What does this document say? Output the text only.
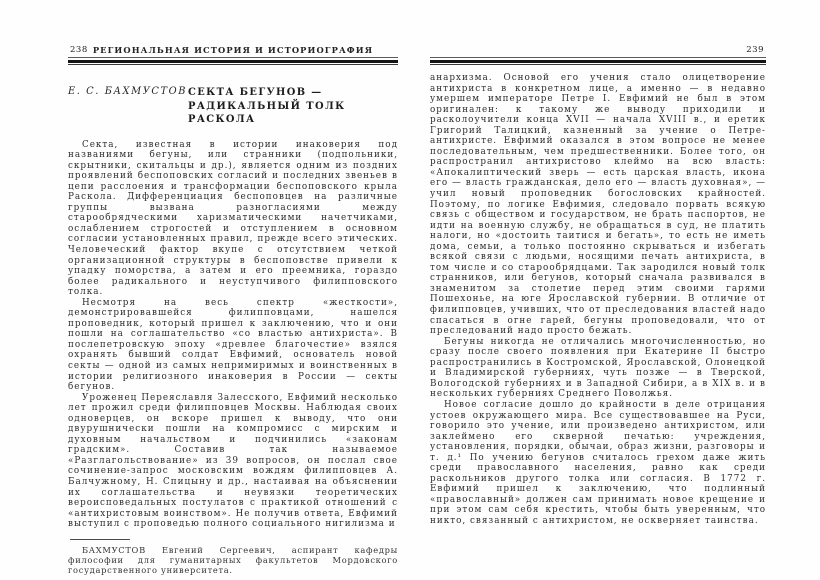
238 РЕГИОНАЛЬНАЯ ИСТОРИЯ И ИСТОРИОГРАФИЯ
Е. С. БАХМУСТОВ СЕКТА БЕГУНОВ —
РАДИКАЛЬНЫЙ ТОЛК РАСКОЛА

Секта, известная в истории инаковерия под названиями бегуны, или странники (подпольники, скрытники, скитальцы и др.), является одним из поздних проявлений беспоповских согласий и последних звеньев в цепи расслоения и трансформации беспоповского крыла Раскола. Дифференциация беспоповцев на различные группы вызвана разногласиями между старообрядческими харизматическими начетчиками, ослаблением строгостей и отступлением в основном согласии установленных правил, прежде всего этических. Человеческий фактор вкупе с отсутствием четкой организационной структуры в беспоповстве привели к упадку поморства, а затем и его преемника, гораздо более радикального и неуступчивого филипповского толка.

Несмотря на весь спектр «жесткости», демонстрировавшейся филипповцами, нашелся проповедник, который пришел к заключению, что и они пошли на соглашательство «со властью антихриста». В послепетровскую эпоху «древлее благочестие» взялся охранять бывший солдат Евфимий, основатель новой секты — одной из самых непримиримых и воинственных в истории религиозного инаковерия в России — секты бегунов.

Уроженец Переяславля Залесского, Евфимий несколько лет прожил среди филипповцев Москвы. Наблюдая своих одноверцев, он вскоре пришел к выводу, что они двурушнически пошли на компромисс с мирским и духовным начальством и подчинились «законам градским». Составив так называемое «Разглагольствование» из 39 вопросов, он послал свое сочинение-запрос московским вождям филипповцев А. Балчужному, Н. Спицыну и др., настаивая на объяснении их соглашательства и неувязки теоретических вероисповедальных постулатов с практикой отношений с «антихристовым воинством». Не получив ответа, Евфимий выступил с проповедью полного социального нигилизма и

БАХМУСТОВ Евгений Сергеевич, аспирант кафедры философии для гуманитарных факультетов Мордовского государственного университета.

239

анархизма. Основой его учения стало олицетворение антихриста в конкретном лице, а именно — в недавно умершем императоре Петре I. Евфимий не был в этом оригинален: к такому же выводу приходили и расколоучители конца XVII — начала XVIII в., и еретик Григорий Талицкий, казненный за учение о Петре-антихристе. Евфимий оказался в этом вопросе не менее последовательным, чем предшественники. Более того, он распространил антихристово клеймо на всю власть: «Апокалиптический зверь — есть царская власть, икона его — власть гражданская, дело его — власть духовная», — учил новый проповедник богословских крайностей. Поэтому, по логике Евфимия, следовало порвать всякую связь с обществом и государством, не брать паспортов, не идти на военную службу, не обращаться в суд, не платить налоги, но «достоить таитися и бегать», то есть не иметь дома, семьи, а только постоянно скрываться и избегать всякой связи с людьми, носящими печать антихриста, в том числе и со старообрядцами. Так зародился новый толк странников, или бегунов, который сначала развивался в знаменитом за столетие перед этим своими гарями Пошехонье, на юге Ярославской губернии. В отличие от филипповцев, учивших, что от преследования властей надо спасаться в огне гарей, бегуны проповедовали, что от преследований надо просто бежать.

Бегуны никогда не отличались многочисленностью, но сразу после своего появления при Екатерине II быстро распространились в Костромской, Ярославской, Олонецкой и Владимирской губерниях, чуть позже — в Тверской, Вологодской губерниях и в Западной Сибири, а в XIX в. и в нескольких губерниях Среднего Поволжья.

Новое согласие дошло до крайности в деле отрицания устоев окружающего мира. Все существовавшее на Руси, говорило это учение, или произведено антихристом, или заклеймено его скверной печатью: учреждения, установления, порядки, обычаи, образ жизни, разговоры и т. д.¹ По учению бегунов считалось грехом даже жить среди православного населения, равно как среди раскольников другого толка или согласия. В 1772 г. Евфимий пришел к заключению, что подлинный «православный» должен сам принимать новое крещение и при этом сам себя крестить, чтобы быть уверенным, что никто, связанный с антихристом, не оскверняет таинства.
